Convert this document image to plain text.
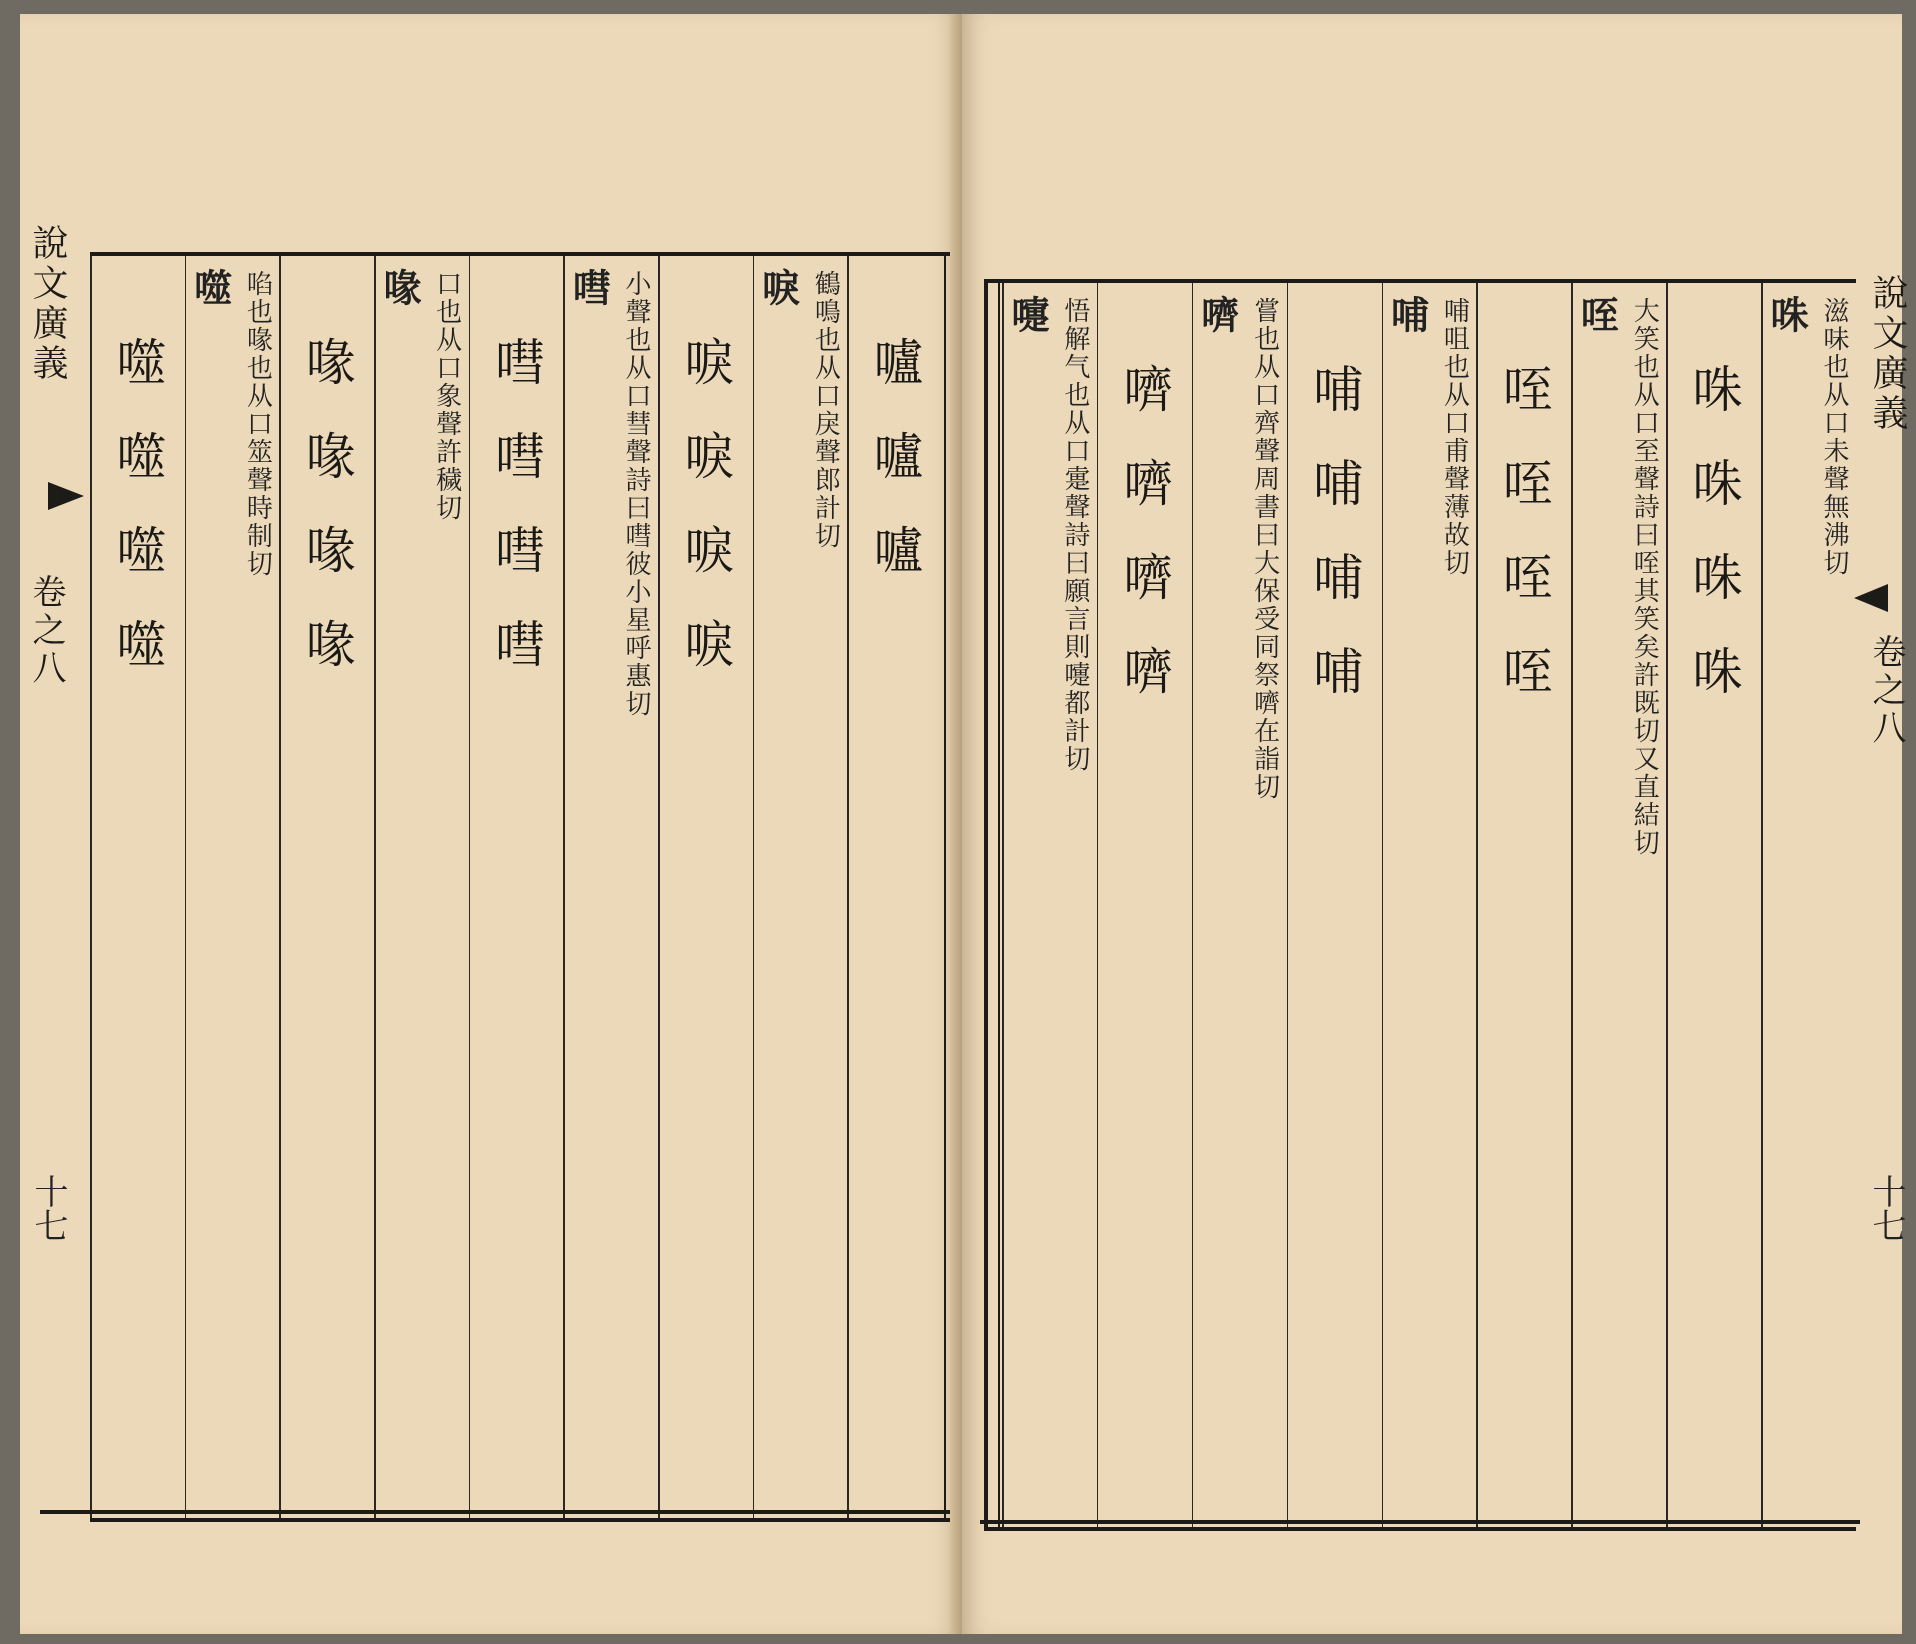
說文廣義
卷之八
十七
嚧嚧嚧
唳 鶴鳴也从口戾聲郎計切
唳唳唳唳
嘒 小聲也从口彗聲詩曰嘒彼小星呼惠切
嘒嘒嘒嘒
喙 口也从口象聲許穢切
喙喙喙喙
噬 啗也喙也从口筮聲時制切
噬噬噬噬
咮 滋味也从口未聲無沸切
咮咮咮咮
咥 大笑也从口至聲詩曰咥其笑矣許既切又直結切
咥咥咥咥
哺 哺咀也从口甫聲薄故切
哺哺哺哺
嚌 嘗也从口齊聲周書曰大保受同祭嚌在詣切
嚌嚌嚌嚌
嚏 悟解气也从口疐聲詩曰願言則嚏都計切	說文廣義
卷之八
十七
